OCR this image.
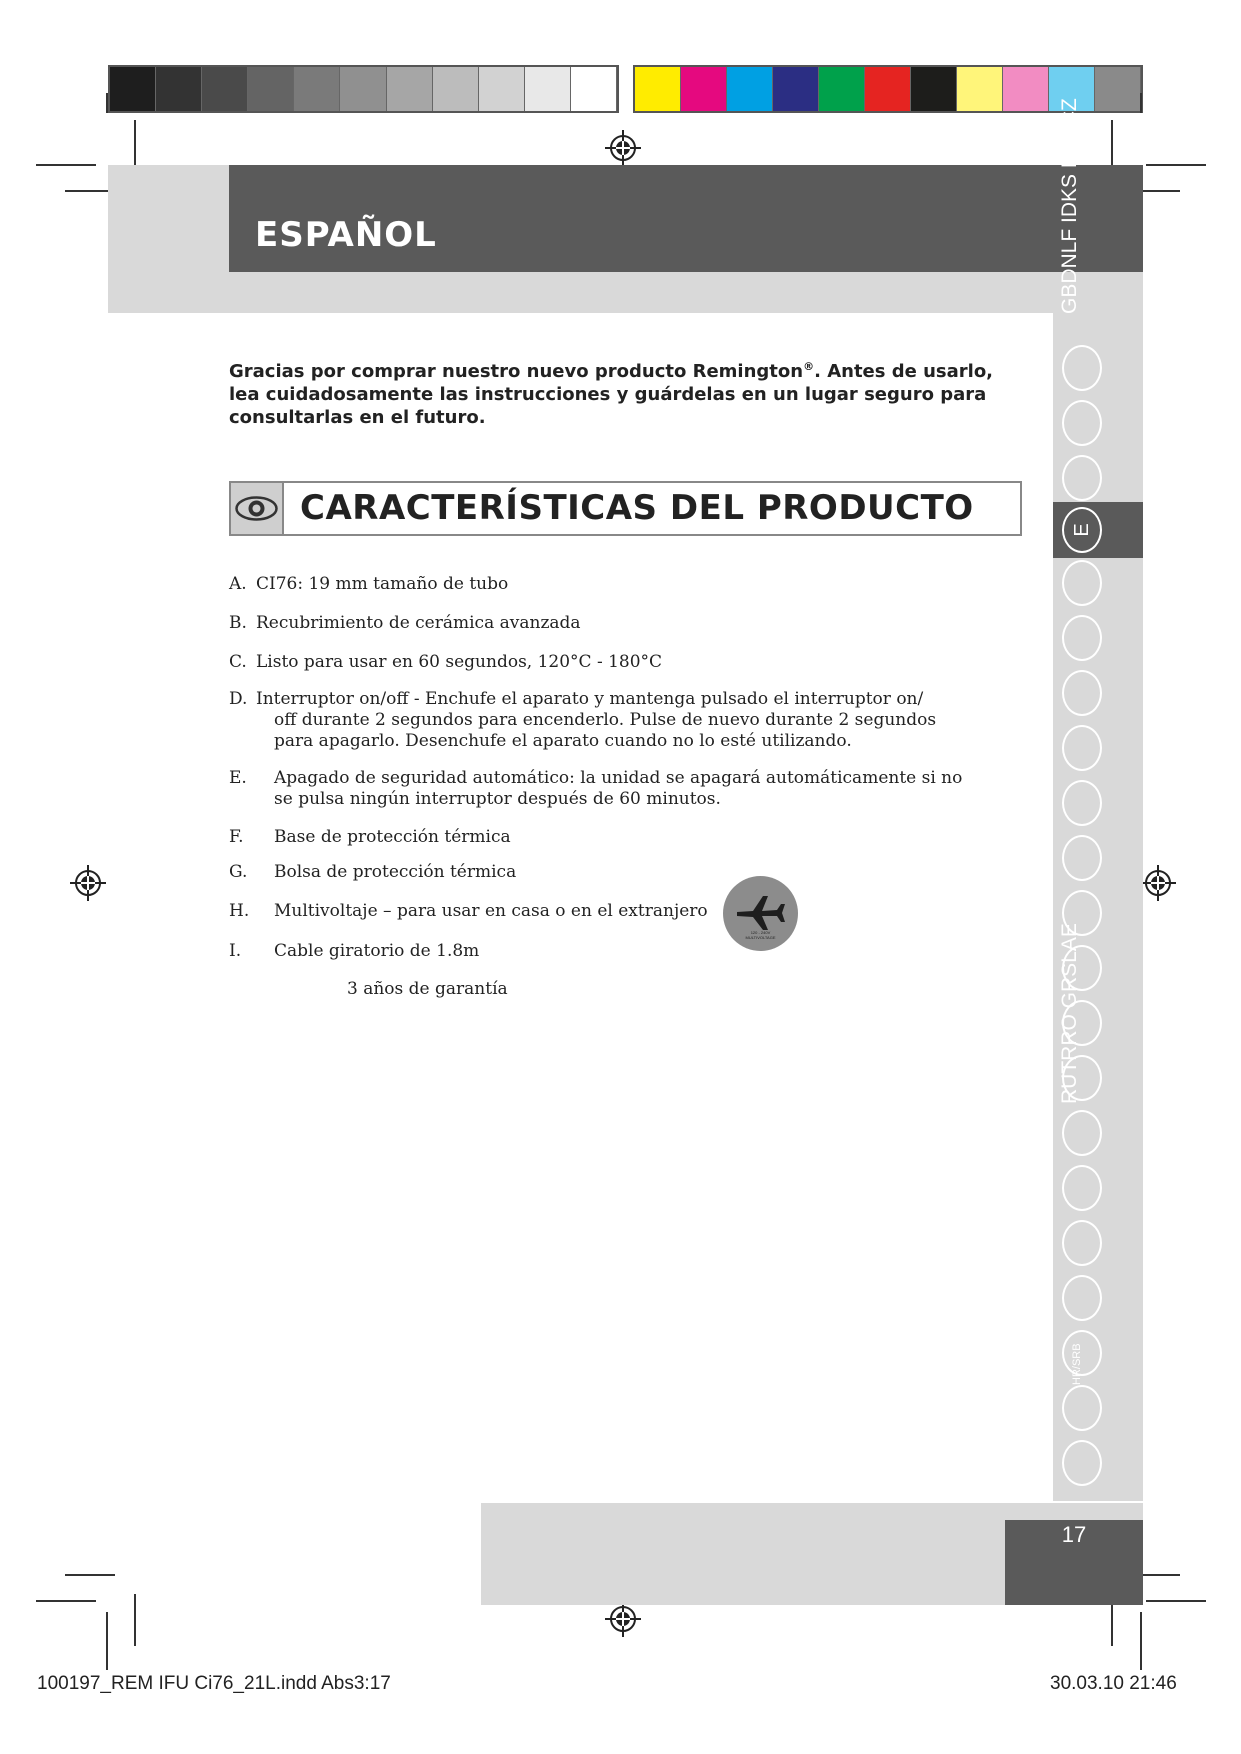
ESPAÑOL	GBDNLF IDKS PSKCZ
E
RUTRRO GRSLAE
HR/SRB
Gracias por comprar nuestro nuevo producto Remington®. Antes de usarlo, lea cuidadosamente las instrucciones y guárdelas en un lugar seguro para consultarlas en el futuro.
CARACTERÍSTICAS DEL PRODUCTO
A. CI76: 19 mm tamaño de tubo
B. Recubrimiento de cerámica avanzada
C. Listo para usar en 60 segundos, 120°C - 180°C
D. Interruptor on/off - Enchufe el aparato y mantenga pulsado el interruptor on/
off durante 2 segundos para encenderlo. Pulse de nuevo durante 2 segundos para apagarlo. Desenchufe el aparato cuando no lo esté utilizando.
E. Apagado de seguridad automático: la unidad se apagará automáticamente si no se pulsa ningún interruptor después de 60 minutos.
F. Base de protección térmica
G. Bolsa de protección térmica
H. Multivoltaje – para usar en casa o en el extranjero
I. Cable giratorio de 1.8m
3 años de garantía
120 - 240V
MULTIVOLTAGE
17
100197_REM IFU Ci76_21L.indd Abs3:17	30.03.10 21:46
